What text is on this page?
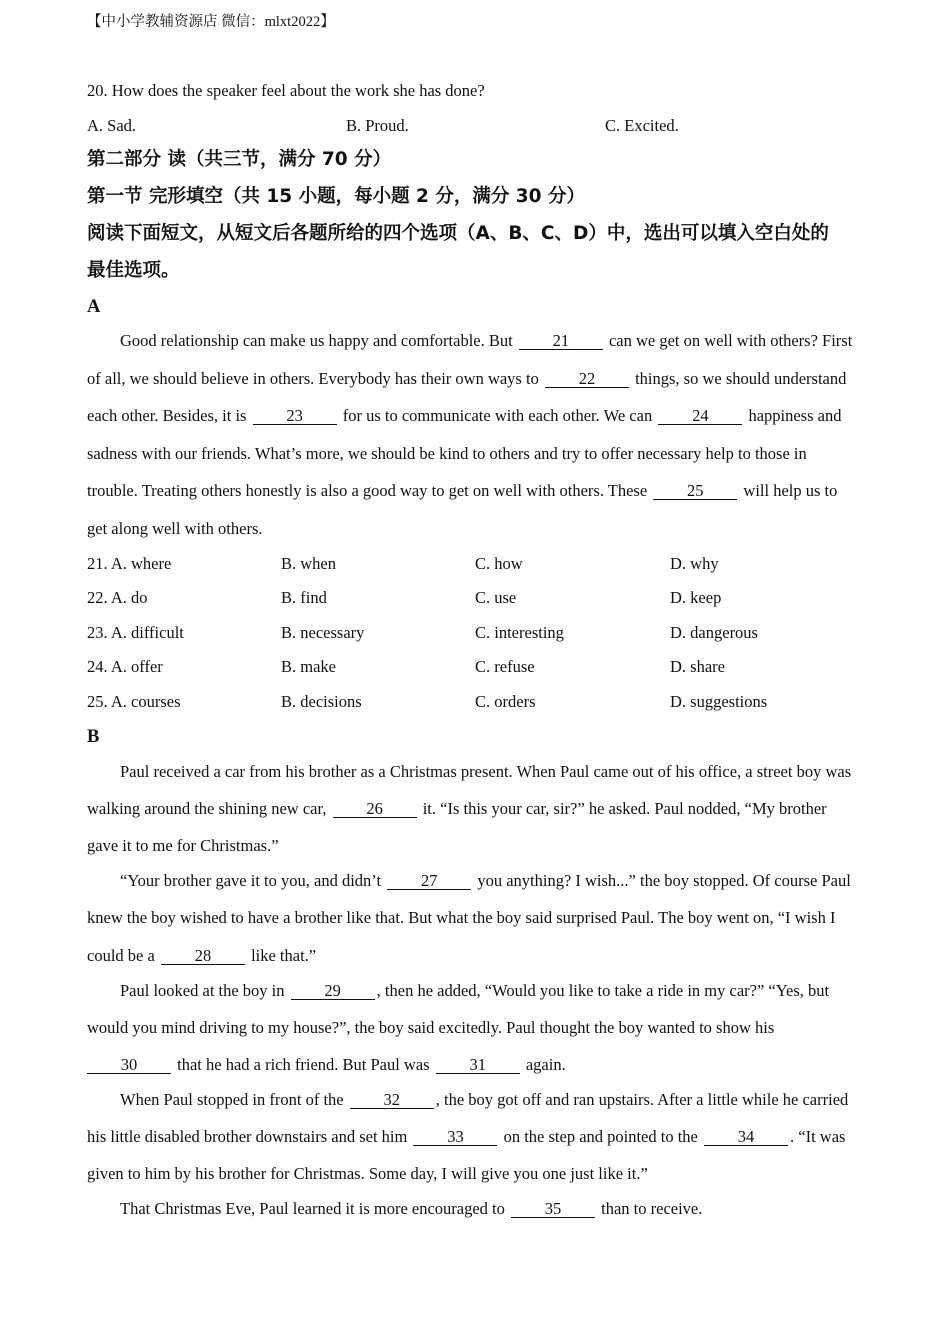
【中小学教辅资源店 微信：mlxt2022】
20. How does the speaker feel about the work she has done?
A. Sad.	B. Proud.	C. Excited.
第二部分 读（共三节，满分 70 分）
第一节 完形填空（共 15 小题，每小题 2 分，满分 30 分）
阅读下面短文，从短文后各题所给的四个选项（A、B、C、D）中，选出可以填入空白处的
最佳选项。
A
Good relationship can make us happy and comfortable. But 21 can we get on well with others? First
of all, we should believe in others. Everybody has their own ways to 22 things, so we should understand
each other. Besides, it is 23 for us to communicate with each other. We can 24 happiness and
sadness with our friends. What’s more, we should be kind to others and try to offer necessary help to those in
trouble. Treating others honestly is also a good way to get on well with others. These 25 will help us to
get along well with others.
21. A. where	B. when	C. how	D. why
22. A. do	B. find	C. use	D. keep
23. A. difficult	B. necessary	C. interesting	D. dangerous
24. A. offer	B. make	C. refuse	D. share
25. A. courses	B. decisions	C. orders	D. suggestions
B
Paul received a car from his brother as a Christmas present. When Paul came out of his office, a street boy was
walking around the shining new car, 26 it. “Is this your car, sir?” he asked. Paul nodded, “My brother
gave it to me for Christmas.”
“Your brother gave it to you, and didn’t 27 you anything? I wish...” the boy stopped. Of course Paul
knew the boy wished to have a brother like that. But what the boy said surprised Paul. The boy went on, “I wish I
could be a 28 like that.”
Paul looked at the boy in 29 , then he added, “Would you like to take a ride in my car?” “Yes, but
would you mind driving to my house?”, the boy said excitedly. Paul thought the boy wanted to show his
30 that he had a rich friend. But Paul was 31 again.
When Paul stopped in front of the 32 , the boy got off and ran upstairs. After a little while he carried
his little disabled brother downstairs and set him 33 on the step and pointed to the 34 . “It was
given to him by his brother for Christmas. Some day, I will give you one just like it.”
That Christmas Eve, Paul learned it is more encouraged to 35 than to receive.
